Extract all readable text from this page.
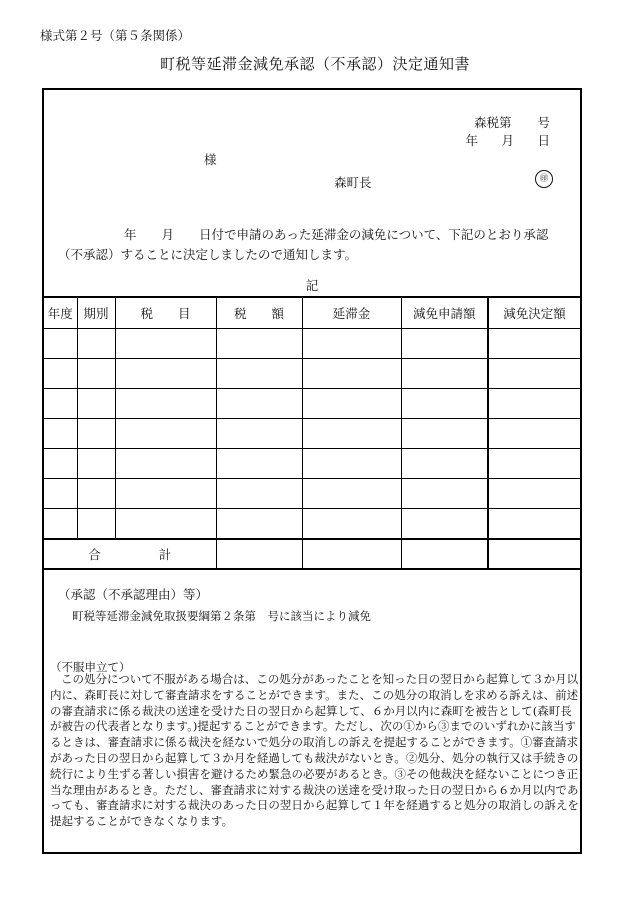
様式第２号（第５条関係）
町税等延滞金減免承認（不承認）決定通知書
森税第 号
年 月 日
様
森町長	㊞
年　　月　　日付で申請のあった延滞金の減免について、下記のとおり承認（不承認）することに決定しましたので通知します。
記
年度	期別	税　　目	税　　額	延滞金	減免申請額	減免決定額

合 計						
（承認（不承認理由）等）
町税等延滞金減免取扱要綱第２条第　号に該当により減免
（不服申立て）
この処分について不服がある場合は、この処分があったことを知った日の翌日から起算して３か月以内に、森町長に対して審査請求をすることができます。また、この処分の取消しを求める訴えは、前述の審査請求に係る裁決の送達を受けた日の翌日から起算して、６か月以内に森町を被告として(森町長が被告の代表者となります。)提起することができます。ただし、次の①から③までのいずれかに該当するときは、審査請求に係る裁決を経ないで処分の取消しの訴えを提起することができます。①審査請求があった日の翌日から起算して３か月を経過しても裁決がないとき。②処分、処分の執行又は手続きの続行により生ずる著しい損害を避けるため緊急の必要があるとき。③その他裁決を経ないことにつき正当な理由があるとき。ただし、審査請求に対する裁決の送達を受け取った日の翌日から６か月以内であっても、審査請求に対する裁決のあった日の翌日から起算して１年を経過すると処分の取消しの訴えを提起することができなくなります。
